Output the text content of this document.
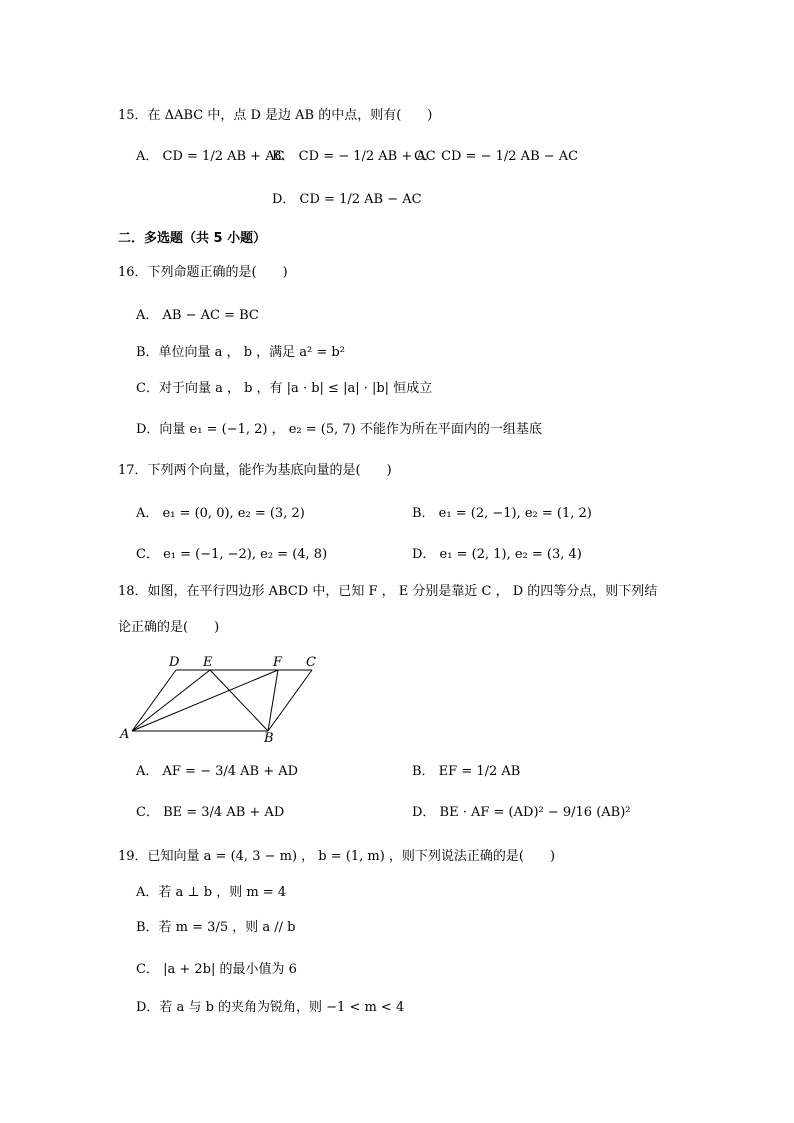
15．在 ΔABC 中，点 D 是边 AB 的中点，则有(　　)
A． CD = 1/2 AB + AC
B． CD = − 1/2 AB + AC
C． CD = − 1/2 AB − AC
D． CD = 1/2 AB − AC
二．多选题（共 5 小题）
16．下列命题正确的是(　　)
A． AB − AC = BC
B．单位向量 a ， b ，满足 a² = b²
C．对于向量 a ， b ，有 |a · b| ≤ |a| · |b| 恒成立
D．向量 e₁ = (−1, 2) ， e₂ = (5, 7) 不能作为所在平面内的一组基底
17．下列两个向量，能作为基底向量的是(　　)
A． e₁ = (0, 0), e₂ = (3, 2)	B． e₁ = (2, −1), e₂ = (1, 2)
C． e₁ = (−1, −2), e₂ = (4, 8)	D． e₁ = (2, 1), e₂ = (3, 4)
18．如图，在平行四边形 ABCD 中，已知 F ， E 分别是靠近 C ， D 的四等分点，则下列结
论正确的是(　　)
A	B
C
D E	F
A． AF = − 3/4 AB + AD	B． EF = 1/2 AB
C． BE = 3/4 AB + AD	D． BE · AF = (AD)² − 9/16 (AB)²
19．已知向量 a = (4, 3 − m) ， b = (1, m) ，则下列说法正确的是(　　)
A．若 a ⊥ b ，则 m = 4
B．若 m = 3/5 ，则 a // b
C． |a + 2b| 的最小值为 6
D．若 a 与 b 的夹角为锐角，则 −1 < m < 4
